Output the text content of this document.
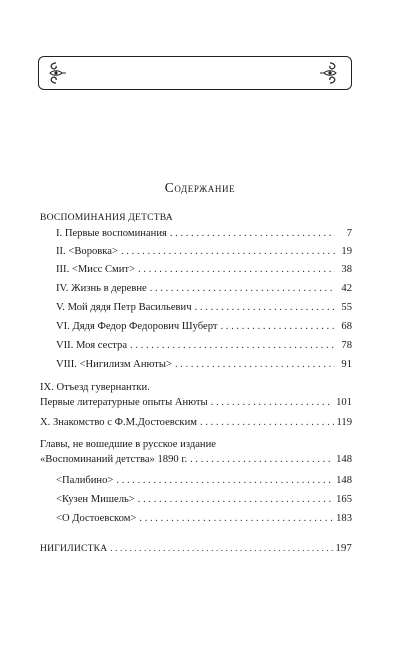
Содержание
ВОСПОМИНАНИЯ ДЕТСТВА
I. Первые воспоминания . . .	7
II. <Воровка> . . .	19
III. <Мисс Смит> . . .	38
IV. Жизнь в деревне . . .	42
V. Мой дядя Петр Васильевич . . .	55
VI. Дядя Федор Федорович Шуберт . . .	68
VII. Моя сестра . . .	78
VIII. <Нигилизм Анюты> . . .	91
IX. Отъезд гувернантки.
Первые литературные опыты Анюты . . .	101
X. Знакомство с Ф.М.Достоевским . . .	119
Главы, не вошедшие в русское издание
«Воспоминаний детства» 1890 г. . . .	148
<Палибино> . . .	148
<Кузен Мишель> . . .	165
<О Достоевском> . . .	183
НИГИЛИСТКА . . .	197
